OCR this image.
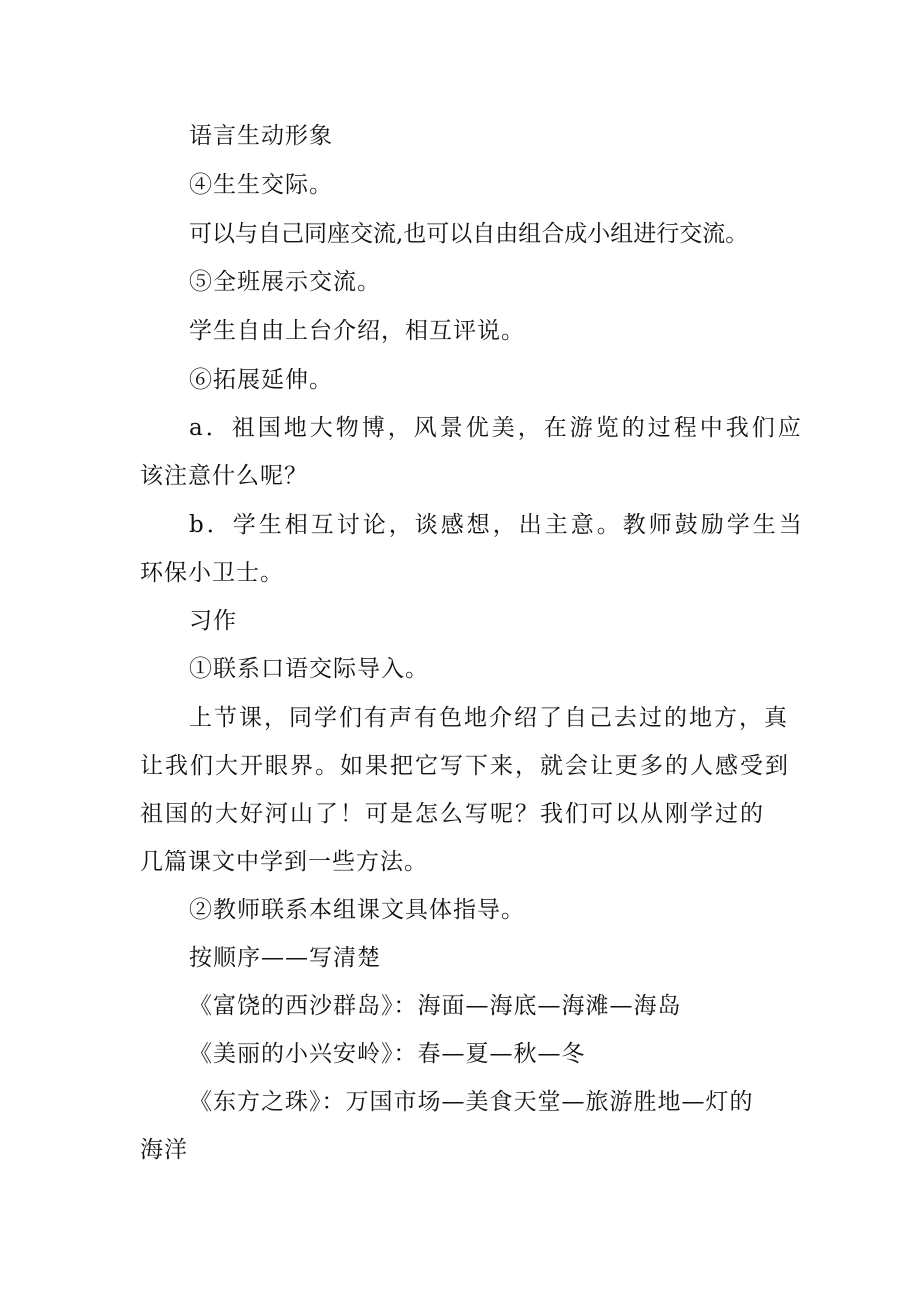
语言生动形象
④生生交际。
可以与自己同座交流,也可以自由组合成小组进行交流。
⑤全班展示交流。
学生自由上台介绍，相互评说。
⑥拓展延伸。
a．祖国地大物博，风景优美，在游览的过程中我们应
该注意什么呢？
b．学生相互讨论，谈感想，出主意。教师鼓励学生当
环保小卫士。
习作
①联系口语交际导入。
上节课，同学们有声有色地介绍了自己去过的地方，真
让我们大开眼界。如果把它写下来，就会让更多的人感受到
祖国的大好河山了！可是怎么写呢？我们可以从刚学过的
几篇课文中学到一些方法。
②教师联系本组课文具体指导。
按顺序——写清楚
《富饶的西沙群岛》：海面—海底—海滩—海岛
《美丽的小兴安岭》：春—夏—秋—冬
《东方之珠》：万国市场—美食天堂—旅游胜地—灯的
海洋
